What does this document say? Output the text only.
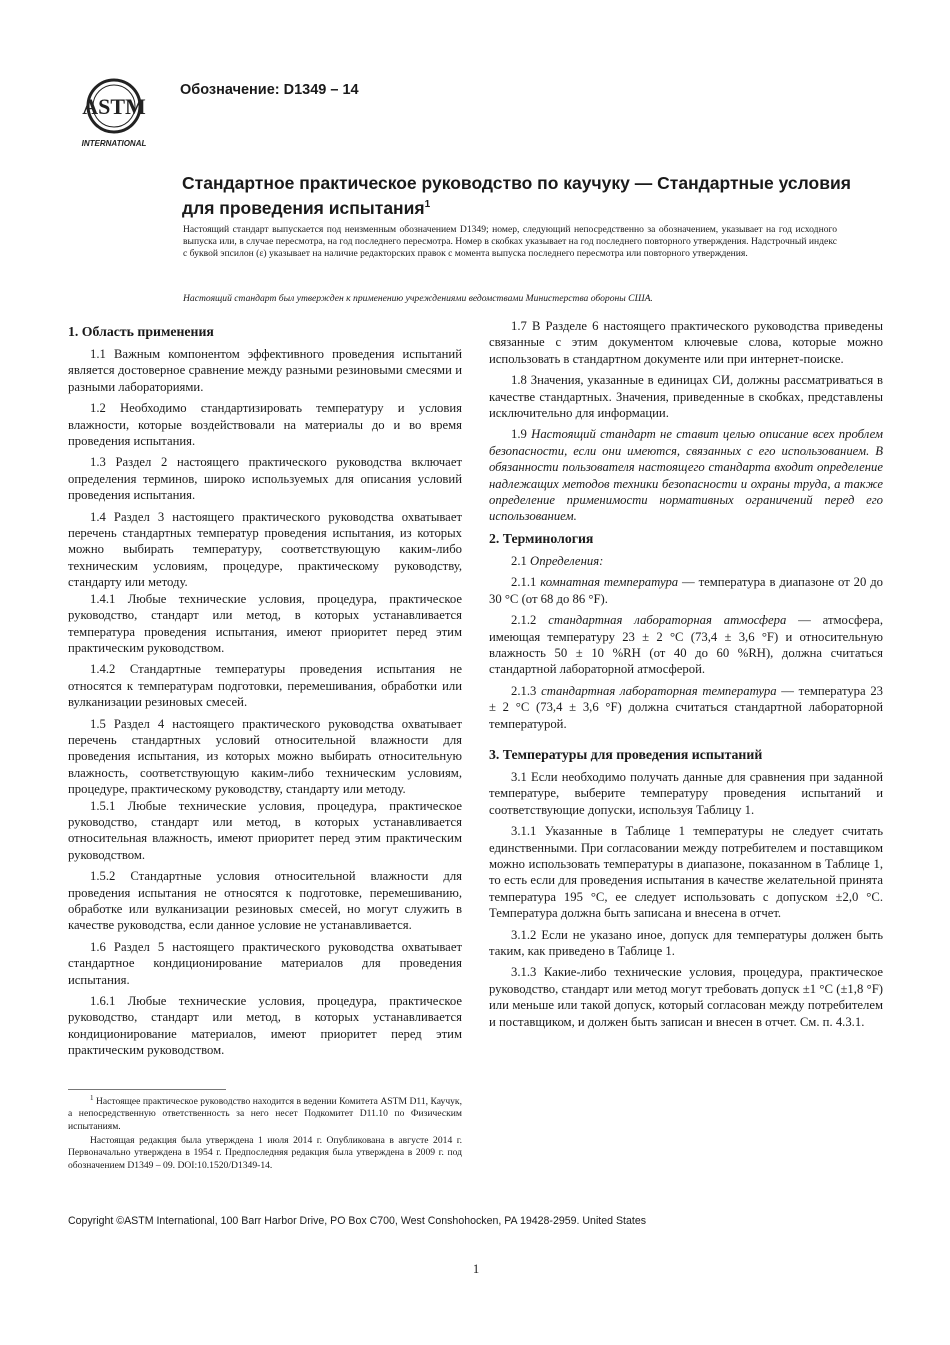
ASTM
INTERNATIONAL
Обозначение: D1349 – 14
Стандартное практическое руководство по каучуку — Стандартные условия для проведения испытания$^1$
Настоящий стандарт выпускается под неизменным обозначением D1349; номер, следующий непосредственно за обозначением, указывает на год исходного выпуска или, в случае пересмотра, на год последнего пересмотра. Номер в скобках указывает на год последнего повторного утверждения. Надстрочный индекс с буквой эпсилон (ε) указывает на наличие редакторских правок с момента выпуска последнего пересмотра или повторного утверждения.
Настоящий стандарт был утвержден к применению учреждениями ведомствами Министерства обороны США.
1. Область применения

1.1 Важным компонентом эффективного проведения испытаний является достоверное сравнение между разными резиновыми смесями и разными лабораториями.

1.2 Необходимо стандартизировать температуру и условия влажности, которые воздействовали на материалы до и во время проведения испытания.

1.3 Раздел 2 настоящего практического руководства включает определения терминов, широко используемых для описания условий проведения испытания.

1.4 Раздел 3 настоящего практического руководства охватывает перечень стандартных температур проведения испытания, из которых можно выбирать температуру, соответствующую каким-либо техническим условиям, процедуре, практическому руководству, стандарту или методу.

1.4.1 Любые технические условия, процедура, практическое руководство, стандарт или метод, в которых устанавливается температура проведения испытания, имеют приоритет перед этим практическим руководством.

1.4.2 Стандартные температуры проведения испытания не относятся к температурам подготовки, перемешивания, обработки или вулканизации резиновых смесей.

1.5 Раздел 4 настоящего практического руководства охватывает перечень стандартных условий относительной влажности для проведения испытания, из которых можно выбирать относительную влажность, соответствующую каким-либо техническим условиям, процедуре, практическому руководству, стандарту или методу.

1.5.1 Любые технические условия, процедура, практическое руководство, стандарт или метод, в которых устанавливается относительная влажность, имеют приоритет перед этим практическим руководством.

1.5.2 Стандартные условия относительной влажности для проведения испытания не относятся к подготовке, перемешиванию, обработке или вулканизации резиновых смесей, но могут служить в качестве руководства, если данное условие не устанавливается.

1.6 Раздел 5 настоящего практического руководства охватывает стандартное кондиционирование материалов для проведения испытания.

1.6.1 Любые технические условия, процедура, практическое руководство, стандарт или метод, в которых устанавливается кондиционирование материалов, имеют приоритет перед этим практическим руководством.

1.7 В Разделе 6 настоящего практического руководства приведены связанные с этим документом ключевые слова, которые можно использовать в стандартном документе или при интернет-поиске.

1.8 Значения, указанные в единицах СИ, должны рассматриваться в качестве стандартных. Значения, приведенные в скобках, представлены исключительно для информации.

1.9 Настоящий стандарт не ставит целью описание всех проблем безопасности, если они имеются, связанных с его использованием. В обязанности пользователя настоящего стандарта входит определение надлежащих методов техники безопасности и охраны труда, а также определение применимости нормативных ограничений перед его использованием.

2. Терминология

2.1 Определения:

2.1.1 комнатная температура — температура в диапазоне от 20 до 30 °C (от 68 до 86 °F).

2.1.2 стандартная лабораторная атмосфера — атмосфера, имеющая температуру 23 ± 2 °C (73,4 ± 3,6 °F) и относительную влажность 50 ± 10 %RH (от 40 до 60 %RH), должна считаться стандартной лабораторной атмосферой.

2.1.3 стандартная лабораторная температура — температура 23 ± 2 °C (73,4 ± 3,6 °F) должна считаться стандартной лабораторной температурой.

3. Температуры для проведения испытаний

3.1 Если необходимо получать данные для сравнения при заданной температуре, выберите температуру проведения испытаний и соответствующие допуски, используя Таблицу 1.

3.1.1 Указанные в Таблице 1 температуры не следует считать единственными. При согласовании между потребителем и поставщиком можно использовать температуры в диапазоне, показанном в Таблице 1, то есть если для проведения испытания в качестве желательной принята температура 195 °C, ее следует использовать с допуском ±2,0 °C. Температура должна быть записана и внесена в отчет.

3.1.2 Если не указано иное, допуск для температуры должен быть таким, как приведено в Таблице 1.

3.1.3 Какие-либо технические условия, процедура, практическое руководство, стандарт или метод могут требовать допуск ±1 °C (±1,8 °F) или меньше или такой допуск, который согласован между потребителем и поставщиком, и должен быть записан и внесен в отчет. См. п. 4.3.1.

$^1$ Настоящее практическое руководство находится в ведении Комитета ASTM D11, Каучук, а непосредственную ответственность за него несет Подкомитет D11.10 по Физическим испытаниям.

Настоящая редакция была утверждена 1 июля 2014 г. Опубликована в августе 2014 г. Первоначально утверждена в 1954 г. Предпоследняя редакция была утверждена в 2009 г. под обозначением D1349 – 09. DOI:10.1520/D1349-14.

Copyright ©ASTM International, 100 Barr Harbor Drive, PO Box C700, West Conshohocken, PA 19428-2959. United States
1
